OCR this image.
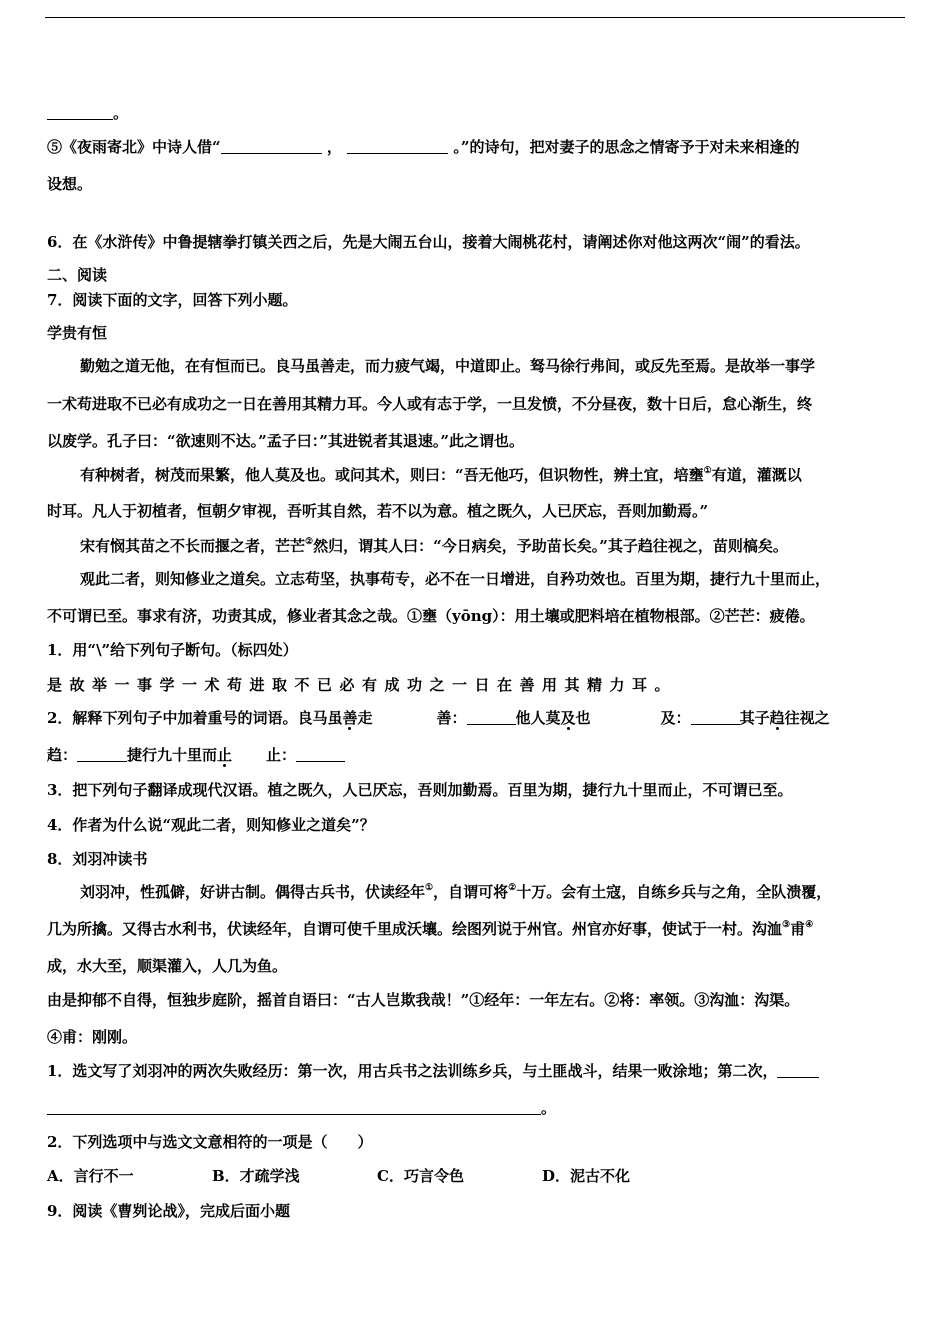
。
⑤《夜雨寄北》中诗人借“	，	。”的诗句，把对妻子的思念之情寄予于对未来相逢的
设想。
6．在《水浒传》中鲁提辖拳打镇关西之后，先是大闹五台山，接着大闹桃花村，请阐述你对他这两次“闹”的看法。
二、阅读
7．阅读下面的文字，回答下列小题。
学贵有恒
勤勉之道无他，在有恒而已。良马虽善走，而力疲气竭，中道即止。驽马徐行弗间，或反先至焉。是故举一事学
一术苟进取不已必有成功之一日在善用其精力耳。今人或有志于学，一旦发愤，不分昼夜，数十日后，怠心渐生，终
以废学。孔子曰：“欲速则不达。”孟子曰：”其进锐者其退速。”此之谓也。
有种树者，树茂而果繁，他人莫及也。或问其术，则曰：“吾无他巧，但识物性，辨土宜，培壅①有道，灌溉以
时耳。凡人于初植者，恒朝夕审视，吾听其自然，若不以为意。植之既久，人已厌忘，吾则加勤焉。”
宋有悯其苗之不长而揠之者，芒芒②然归，谓其人曰：“今日病矣，予助苗长矣。”其子趋往视之，苗则槁矣。
观此二者，则知修业之道矣。立志苟坚，执事苟专，必不在一日增进，自矜功效也。百里为期，捷行九十里而止，
不可谓已至。事求有济，功责其成，修业者其念之哉。①壅（yōng）：用土壤或肥料培在植物根部。②芒芒：疲倦。
1．用“\”给下列句子断句。（标四处）
是故举一事学一术苟进取不已必有成功之一日在善用其精力耳。
2．解释下列句子中加着重号的词语。良马虽善走	善：	他人莫及也	及：	其子趋往视之
趋：	捷行九十里而止 止：
3．把下列句子翻译成现代汉语。植之既久，人已厌忘，吾则加勤焉。百里为期，捷行九十里而止，不可谓已至。
4．作者为什么说“观此二者，则知修业之道矣”？
8．刘羽冲读书
刘羽冲，性孤僻，好讲古制。偶得古兵书，伏读经年①，自谓可将②十万。会有土寇，自练乡兵与之角，全队溃覆，
几为所擒。又得古水利书，伏读经年，自谓可使千里成沃壤。绘图列说于州官。州官亦好事，使试于一村。沟洫③甫④
成，水大至，顺渠灌入，人几为鱼。
由是抑郁不自得，恒独步庭阶，摇首自语曰：“古人岂欺我哉！”①经年：一年左右。②将：率领。③沟洫：沟渠。
④甫：刚刚。
1．选文写了刘羽冲的两次失败经历：第一次，用古兵书之法训练乡兵，与土匪战斗，结果一败涂地；第二次，
。
2．下列选项中与选文文意相符的一项是（　　）
A．言行不一	B．才疏学浅	C．巧言令色	D．泥古不化
9．阅读《曹刿论战》，完成后面小题
